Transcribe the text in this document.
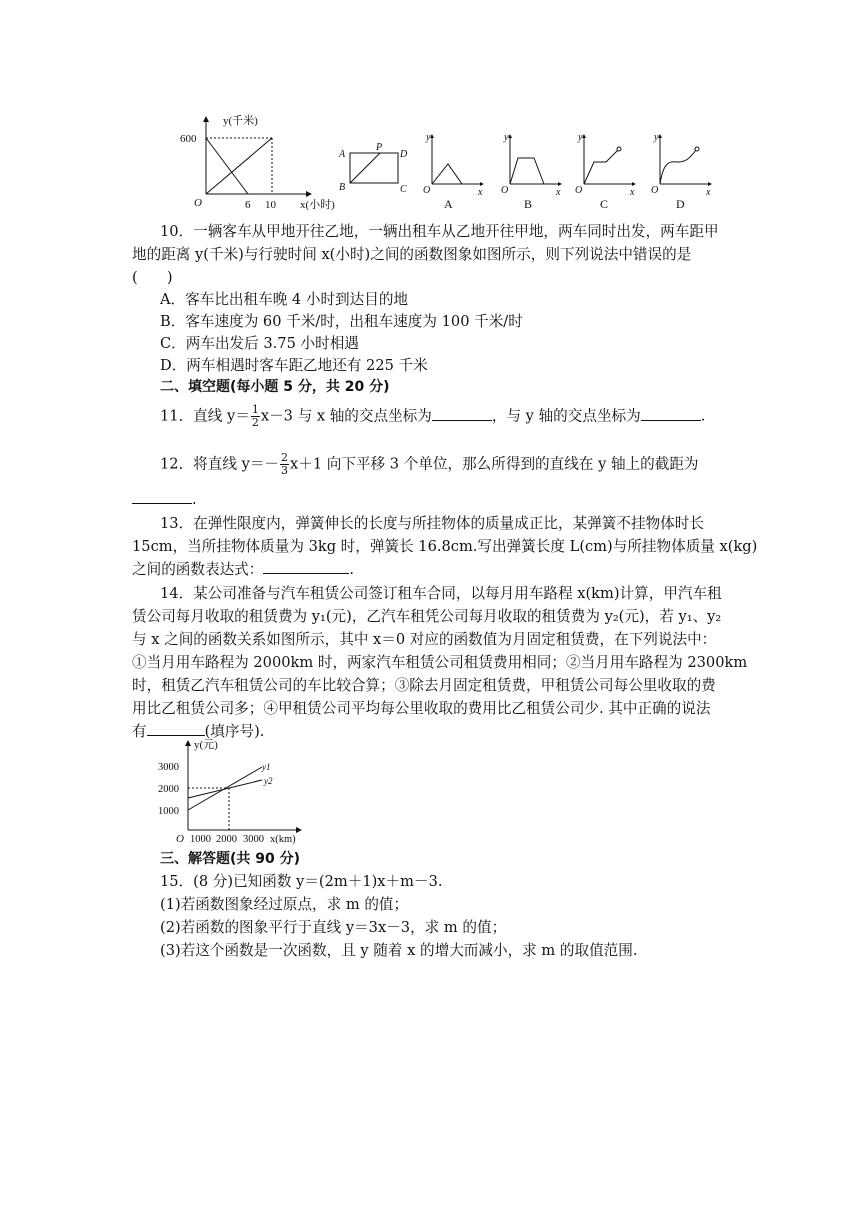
y(千米)
600
O	6 10 x(小时)
A
P
D
B	C
y
x
O
A
y
x
O
B
y
x
O
C
y
x
O
D
10．一辆客车从甲地开往乙地，一辆出租车从乙地开往甲地，两车同时出发，两车距甲
地的距离 y(千米)与行驶时间 x(小时)之间的函数图象如图所示，则下列说法中错误的是
(　　)
A．客车比出租车晚 4 小时到达目的地
B．客车速度为 60 千米/时，出租车速度为 100 千米/时
C．两车出发后 3.75 小时相遇
D．两车相遇时客车距乙地还有 225 千米
二、填空题(每小题 5 分，共 20 分)
11．直线 $y= \frac{1}{2} x-3$ 与 x 轴的交点坐标为	，与 y 轴的交点坐标为	.
12．将直线 $y=- \frac{2}{3} x+1$ 向下平移 3 个单位，那么所得到的直线在 y 轴上的截距为
.
13．在弹性限度内，弹簧伸长的长度与所挂物体的质量成正比，某弹簧不挂物体时长
15cm，当所挂物体质量为 3kg 时，弹簧长 16.8cm.写出弹簧长度 L(cm)与所挂物体质量 x(kg)
之间的函数表达式：	.
14．某公司准备与汽车租赁公司签订租车合同，以每月用车路程 x(km)计算，甲汽车租
赁公司每月收取的租赁费为 y₁(元)，乙汽车租凭公司每月收取的租赁费为 y₂(元)，若 y₁、y₂
与 x 之间的函数关系如图所示，其中 x＝0 对应的函数值为月固定租赁费，在下列说法中：
①当月用车路程为 2000km 时，两家汽车租赁公司租赁费用相同；②当月用车路程为 2300km
时，租赁乙汽车租赁公司的车比较合算；③除去月固定租赁费，甲租赁公司每公里收取的费
用比乙租赁公司多；④甲租赁公司平均每公里收取的费用比乙租赁公司少. 其中正确的说法
有	(填序号).
y1
y2
y(元)
3000
2000
1000
O 1000 2000 3000 x(km)
三、解答题(共 90 分)
15．(8 分)已知函数 y＝(2m＋1)x＋m－3.
(1)若函数图象经过原点，求 m 的值；
(2)若函数的图象平行于直线 y＝3x－3，求 m 的值；
(3)若这个函数是一次函数，且 y 随着 x 的增大而减小，求 m 的取值范围.
